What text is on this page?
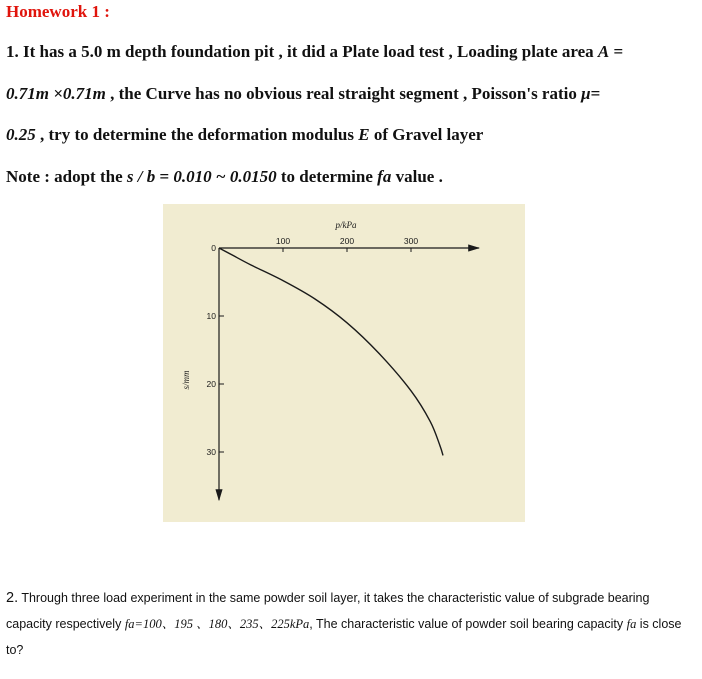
Homework 1 :
1. It has a 5.0 m depth foundation pit , it did a Plate load test , Loading plate area A =
0.71m ×0.71m , the Curve has no obvious real straight segment , Poisson's ratio μ=
0.25 , try to determine the deformation modulus E of Gravel layer
Note : adopt the s / b = 0.010 ~ 0.0150 to determine fa value .
p/kPa
s/mm
100	200	300
0
10
20
30
2. Through three load experiment in the same powder soil layer, it takes the characteristic value of subgrade bearing capacity respectively fa=100、195 、180、235、225kPa, The characteristic value of powder soil bearing capacity fa is close to?
